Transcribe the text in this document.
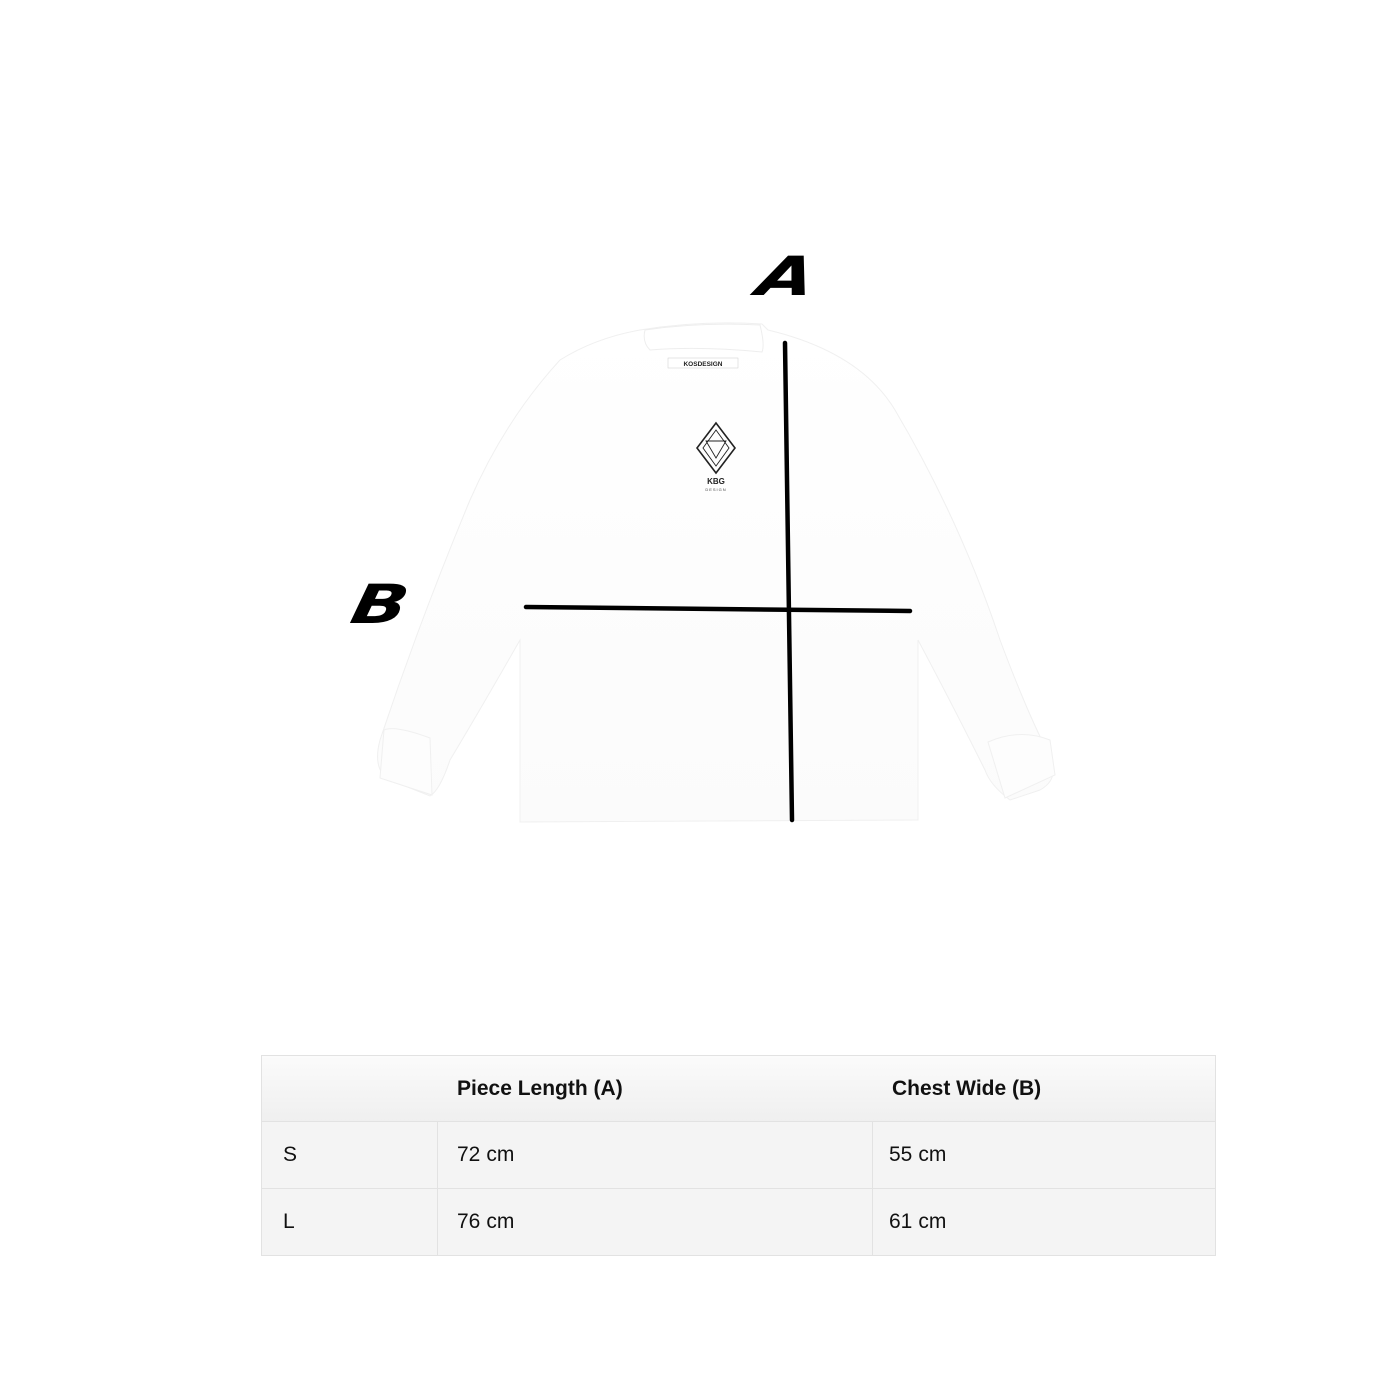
KOSDESIGN
KBG
DESIGN
A
B
	Piece Length (A)	Chest Wide (B)
S	72 cm	55 cm
L	76 cm	61 cm
